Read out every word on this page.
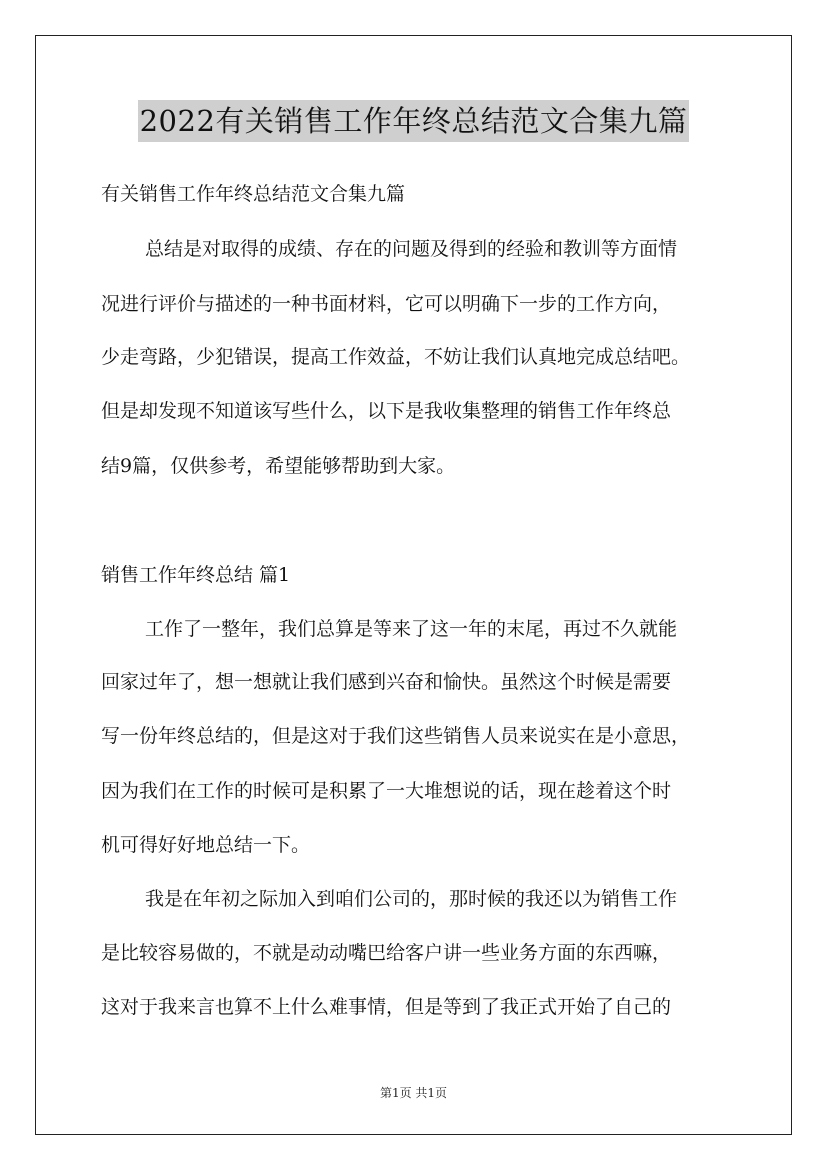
2022有关销售工作年终总结范文合集九篇
有关销售工作年终总结范文合集九篇
总结是对取得的成绩、存在的问题及得到的经验和教训等方面情
况进行评价与描述的一种书面材料，它可以明确下一步的工作方向，
少走弯路，少犯错误，提高工作效益，不妨让我们认真地完成总结吧。
但是却发现不知道该写些什么，以下是我收集整理的销售工作年终总
结9篇，仅供参考，希望能够帮助到大家。
销售工作年终总结 篇1
工作了一整年，我们总算是等来了这一年的末尾，再过不久就能
回家过年了，想一想就让我们感到兴奋和愉快。虽然这个时候是需要
写一份年终总结的，但是这对于我们这些销售人员来说实在是小意思，
因为我们在工作的时候可是积累了一大堆想说的话，现在趁着这个时
机可得好好地总结一下。
我是在年初之际加入到咱们公司的，那时候的我还以为销售工作
是比较容易做的，不就是动动嘴巴给客户讲一些业务方面的东西嘛，
这对于我来言也算不上什么难事情，但是等到了我正式开始了自己的
第1页 共1页
